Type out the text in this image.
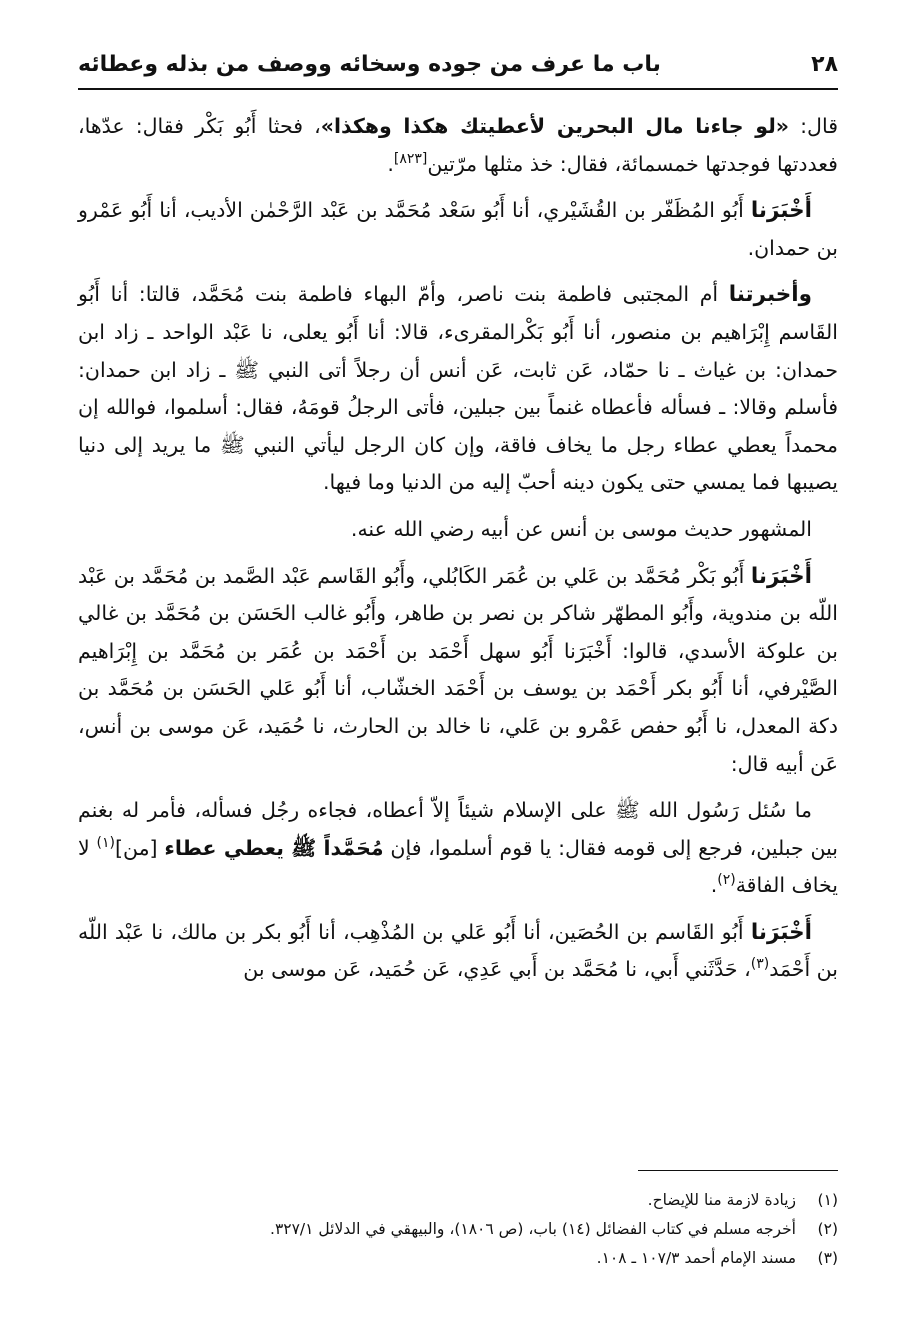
٢٨
باب ما عرف من جوده وسخائه ووصف من بذله وعطائه

قال: «لو جاءنا مال البحرين لأعطيتك هكذا وهكذا»، فحثا أَبُو بَكْر فقال: عدّها، فعددتها فوجدتها خمسمائة، فقال: خذ مثلها مرّتين[٨٢٣].

أَخْبَرَنا أَبُو المُظَفّر بن القُشَيْري، أنا أَبُو سَعْد مُحَمَّد بن عَبْد الرَّحْمٰن الأديب، أنا أَبُو عَمْرو بن حمدان.

وأخبرتنا أم المجتبى فاطمة بنت ناصر، وأمّ البهاء فاطمة بنت مُحَمَّد، قالتا: أنا أَبُو القَاسم إِبْرَاهيم بن منصور، أنا أَبُو بَكْرالمقرىء، قالا: أنا أَبُو يعلى، نا عَبْد الواحد ـ زاد ابن حمدان: بن غياث ـ نا حمّاد، عَن ثابت، عَن أنس أن رجلاً أتى النبي ﷺ ـ زاد ابن حمدان: فأسلم وقالا: ـ فسأله فأعطاه غنماً بين جبلين، فأتى الرجلُ قومَهُ، فقال: أسلموا، فوالله إن محمداً يعطي عطاء رجل ما يخاف فاقة، وإن كان الرجل ليأتي النبي ﷺ ما يريد إلى دنيا يصيبها فما يمسي حتى يكون دينه أحبّ إليه من الدنيا وما فيها.

المشهور حديث موسى بن أنس عن أبيه رضي الله عنه.

أَخْبَرَنا أَبُو بَكْر مُحَمَّد بن عَلي بن عُمَر الكَابُلي، وأَبُو القَاسم عَبْد الصَّمد بن مُحَمَّد بن عَبْد اللّه بن مندوية، وأَبُو المطهّر شاكر بن نصر بن طاهر، وأَبُو غالب الحَسَن بن مُحَمَّد بن غالي بن علوكة الأسدي، قالوا: أَخْبَرَنا أَبُو سهل أَحْمَد بن أَحْمَد بن عُمَر بن مُحَمَّد بن إِبْرَاهيم الصَّيْرفي، أنا أَبُو بكر أَحْمَد بن يوسف بن أَحْمَد الخشّاب، أنا أَبُو عَلي الحَسَن بن مُحَمَّد بن دكة المعدل، نا أَبُو حفص عَمْرو بن عَلي، نا خالد بن الحارث، نا حُمَيد، عَن موسى بن أنس، عَن أبيه قال:

ما سُئل رَسُول الله ﷺ على الإسلام شيئاً إلاّ أعطاه، فجاءه رجُل فسأله، فأمر له بغنم بين جبلين، فرجع إلى قومه فقال: يا قوم أسلموا، فإن مُحَمَّداً ﷺ يعطي عطاء [من]$^{(١)}$ لا يخاف الفاقة$^{(٢)}$.

أَخْبَرَنا أَبُو القَاسم بن الحُصَين، أنا أَبُو عَلي بن المُذْهِب، أنا أَبُو بكر بن مالك، نا عَبْد اللّه بن أَحْمَد$^{(٣)}$، حَدَّثَني أَبي، نا مُحَمَّد بن أَبي عَدِي، عَن حُمَيد، عَن موسى بن

(١)
زيادة لازمة منا للإيضاح.
(٢)
أخرجه مسلم في كتاب الفضائل (١٤) باب، (ص ١٨٠٦)، والبيهقي في الدلائل ٣٢٧/١.
(٣)
مسند الإمام أحمد ١٠٧/٣ ـ ١٠٨.
